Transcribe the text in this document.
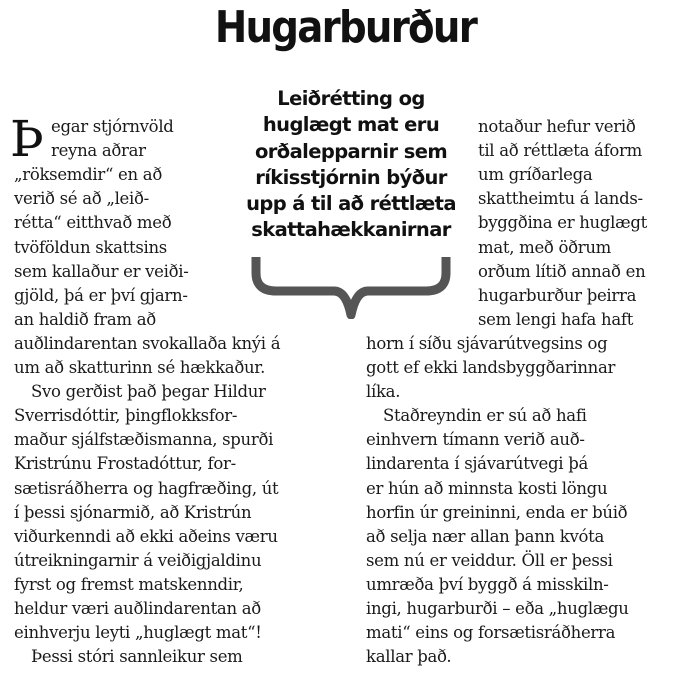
Hugarburður
Leiðrétting og
huglægt mat eru
orðalepparnir sem
ríkisstjórnin býður
upp á til að réttlæta
skattahækkanirnar
Þ egar stjórnvöld
reyna aðrar
„röksemdir“ en að
verið sé að „leið-
rétta“ eitthvað með
tvöföldun skattsins
sem kallaður er veiði-
gjöld, þá er því gjarn-
an haldið fram að
auðlindarentan svokallaða knýi á
um að skatturinn sé hækkaður.
Svo gerðist það þegar Hildur
Sverrisdóttir, þingflokksfor-
maður sjálfstæðismanna, spurði
Kristrúnu Frostadóttur, for-
sætisráðherra og hagfræðing, út
í þessi sjónarmið, að Kristrún
viðurkenndi að ekki aðeins væru
útreikningarnir á veiðigjaldinu
fyrst og fremst matskenndir,
heldur væri auðlindarentan að
einhverju leyti „huglægt mat“!
Þessi stóri sannleikur sem
notaður hefur verið
til að réttlæta áform
um gríðarlega
skattheimtu á lands-
byggðina er huglægt
mat, með öðrum
orðum lítið annað en
hugarburður þeirra
sem lengi hafa haft
horn í síðu sjávarútvegsins og
gott ef ekki landsbyggðarinnar
líka.
Staðreyndin er sú að hafi
einhvern tímann verið auð-
lindarenta í sjávarútvegi þá
er hún að minnsta kosti löngu
horfin úr greininni, enda er búið
að selja nær allan þann kvóta
sem nú er veiddur. Öll er þessi
umræða því byggð á misskiln-
ingi, hugarburði – eða „huglægu
mati“ eins og forsætisráðherra
kallar það.
